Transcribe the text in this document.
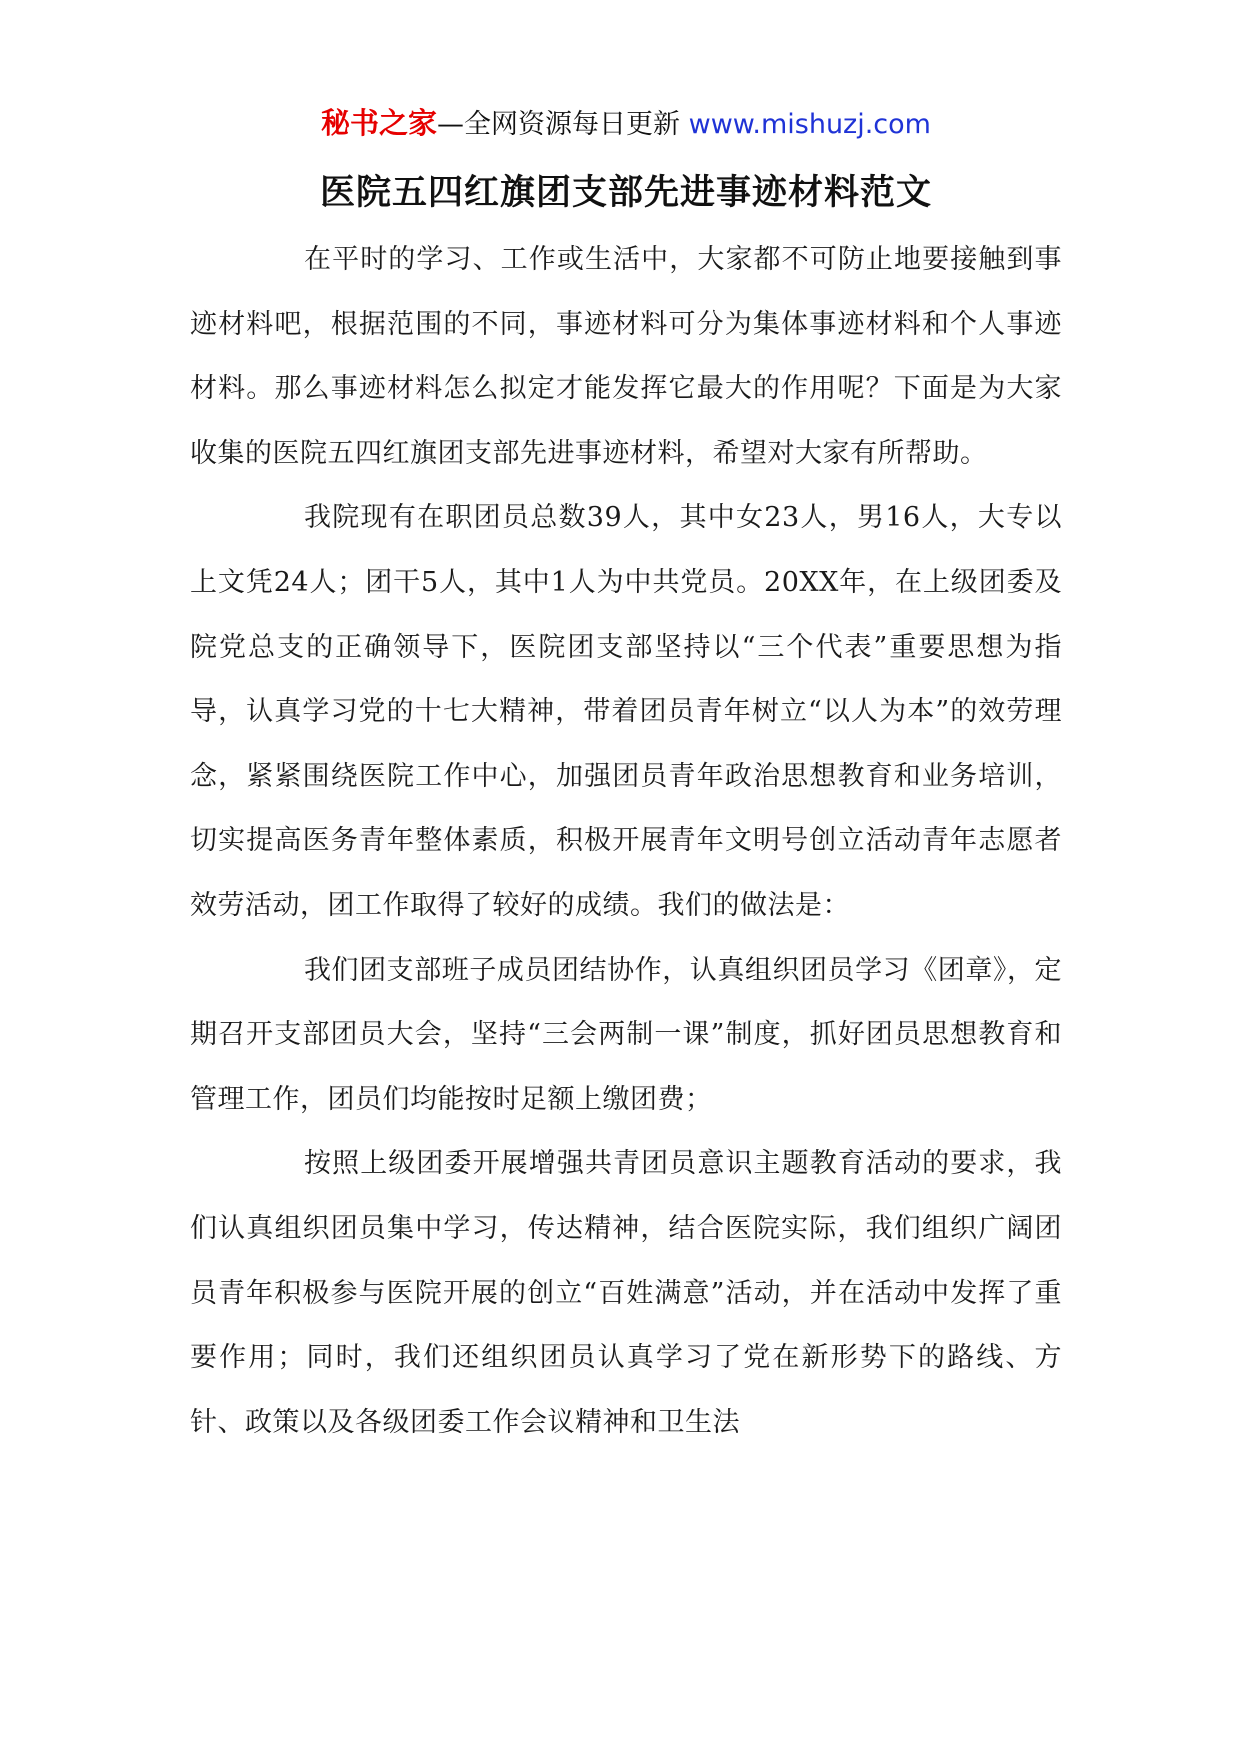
秘书之家—全网资源每日更新 www.mishuzj.com
医院五四红旗团支部先进事迹材料范文

在平时的学习、工作或生活中，大家都不可防止地要接触到事迹材料吧，根据范围的不同，事迹材料可分为集体事迹材料和个人事迹材料。那么事迹材料怎么拟定才能发挥它最大的作用呢？下面是为大家收集的医院五四红旗团支部先进事迹材料，希望对大家有所帮助。

我院现有在职团员总数39人，其中女23人，男16人，大专以上文凭24人；团干5人，其中1人为中共党员。20XX年，在上级团委及院党总支的正确领导下，医院团支部坚持以“三个代表”重要思想为指导，认真学习党的十七大精神，带着团员青年树立“以人为本”的效劳理念，紧紧围绕医院工作中心，加强团员青年政治思想教育和业务培训，切实提高医务青年整体素质，积极开展青年文明号创立活动青年志愿者效劳活动，团工作取得了较好的成绩。我们的做法是：

我们团支部班子成员团结协作，认真组织团员学习《团章》，定期召开支部团员大会，坚持“三会两制一课”制度，抓好团员思想教育和管理工作，团员们均能按时足额上缴团费；

按照上级团委开展增强共青团员意识主题教育活动的要求，我们认真组织团员集中学习，传达精神，结合医院实际，我们组织广阔团员青年积极参与医院开展的创立“百姓满意”活动，并在活动中发挥了重要作用；同时，我们还组织团员认真学习了党在新形势下的路线、方针、政策以及各级团委工作会议精神和卫生法
